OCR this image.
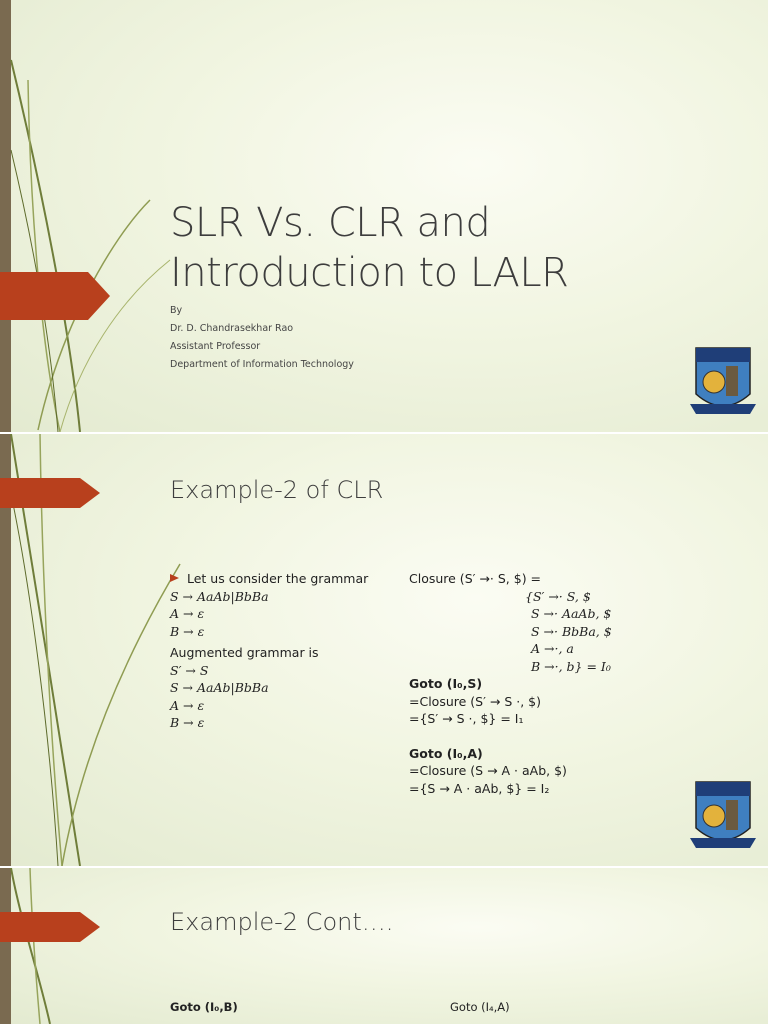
SLR Vs. CLR and
Introduction to LALR
By
Dr. D. Chandrasekhar Rao
Assistant Professor
Department of Information Technology
Example-2 of CLR
Let us consider the grammar
S → AaAb|BbBa
A → ε
B → ε
Augmented grammar is
S′ → S
S → AaAb|BbBa
A → ε
B → ε
Closure (S′ →· S, $) =
{S′ →· S, $
S →· AaAb, $
S →· BbBa, $
A →·, a
B →·, b} = I₀
Goto (I₀,S)
=Closure (S′ → S ·, $)
={S′ → S ·, $} = I₁
Goto (I₀,A)
=Closure (S → A · aAb, $)
={S → A · aAb, $} = I₂
Example-2 Cont….
Goto (I₀,B)	Goto (I₄,A)
